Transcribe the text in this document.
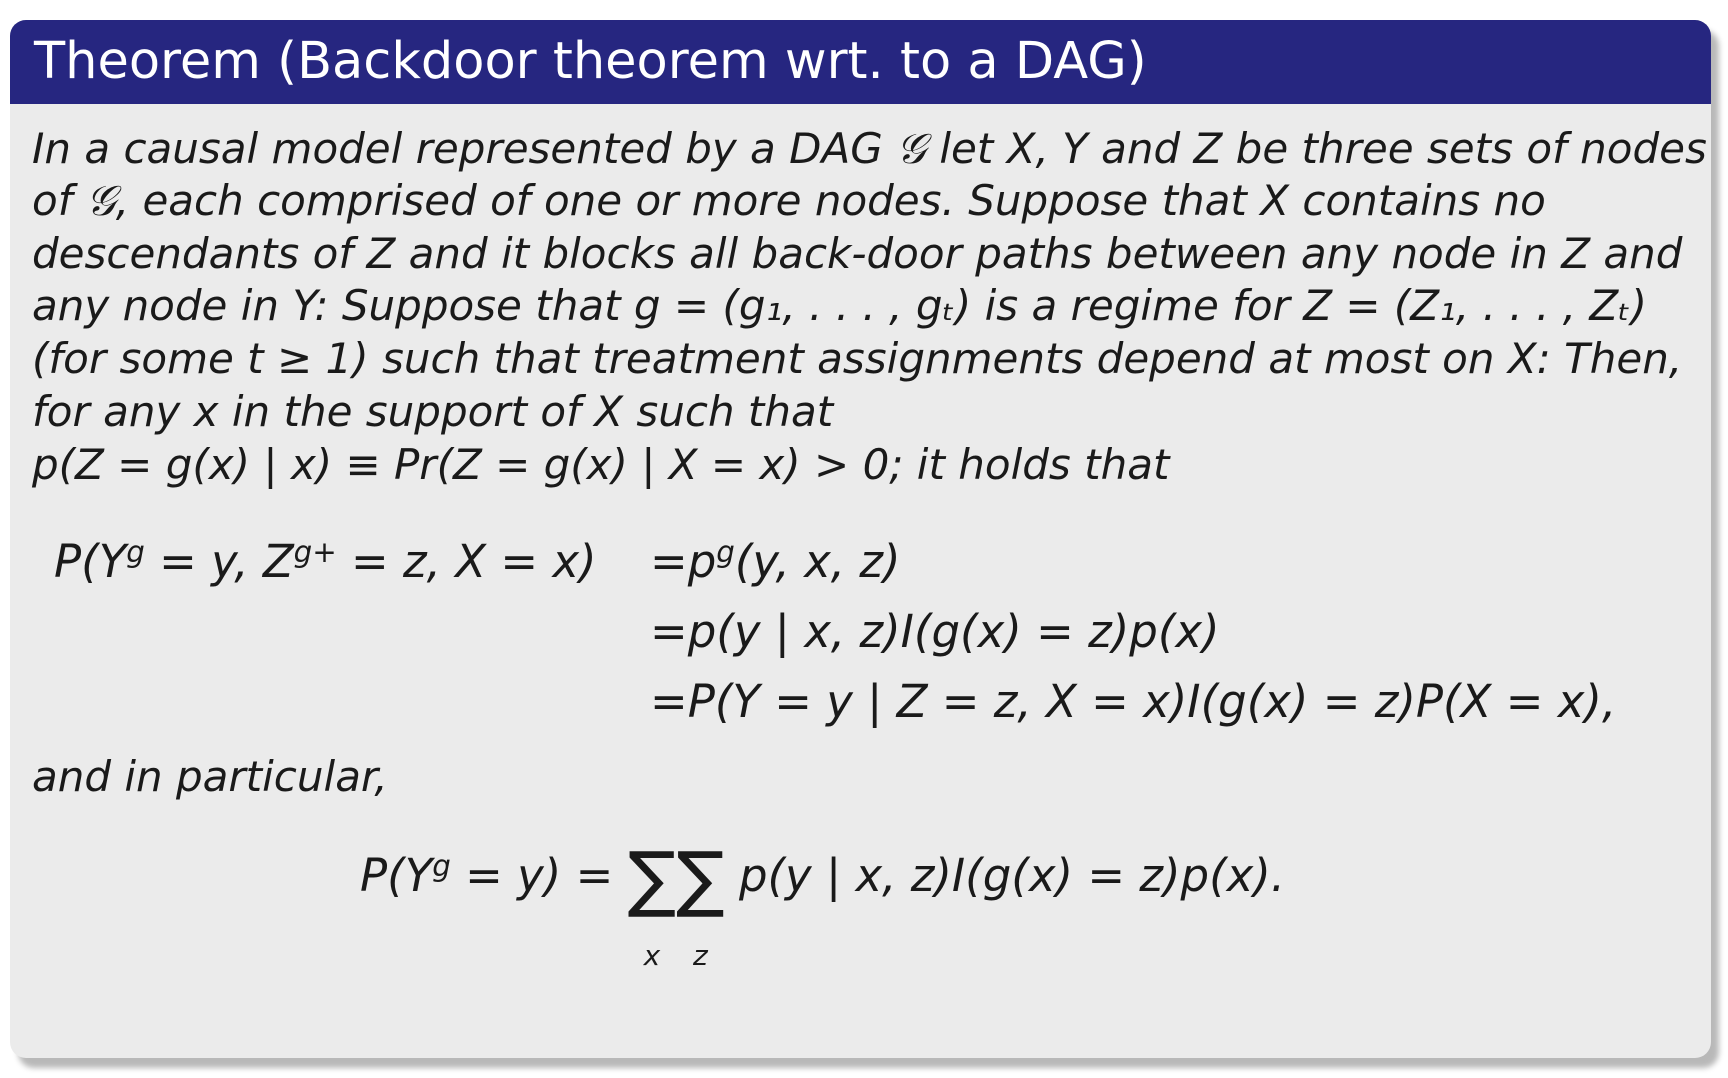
Theorem (Backdoor theorem wrt. to a DAG)
In a causal model represented by a DAG 𝒢 let X, Y and Z be three sets of nodes
of 𝒢, each comprised of one or more nodes. Suppose that X contains no
descendants of Z and it blocks all back-door paths between any node in Z and
any node in Y: Suppose that g = (g₁, . . . , gₜ) is a regime for Z = (Z₁, . . . , Zₜ)
(for some t ≥ 1) such that treatment assignments depend at most on X: Then,
for any x in the support of X such that
p(Z = g(x) | x) ≡ Pr(Z = g(x) | X = x) > 0; it holds that
$P(Y^g = y$, $Z^{g+} = z$, $X = x) =p^g(y$, x, z)
=p(y | x, z)I(g(x) = z)p(x)
=P(Y = y | Z = z, X = x)I(g(x) = z)P(X = x),
and in particular,
$P(Y^g = y)$ = ∑
x
∑
z
p(y | x, z)I(g(x) = z)p(x).
